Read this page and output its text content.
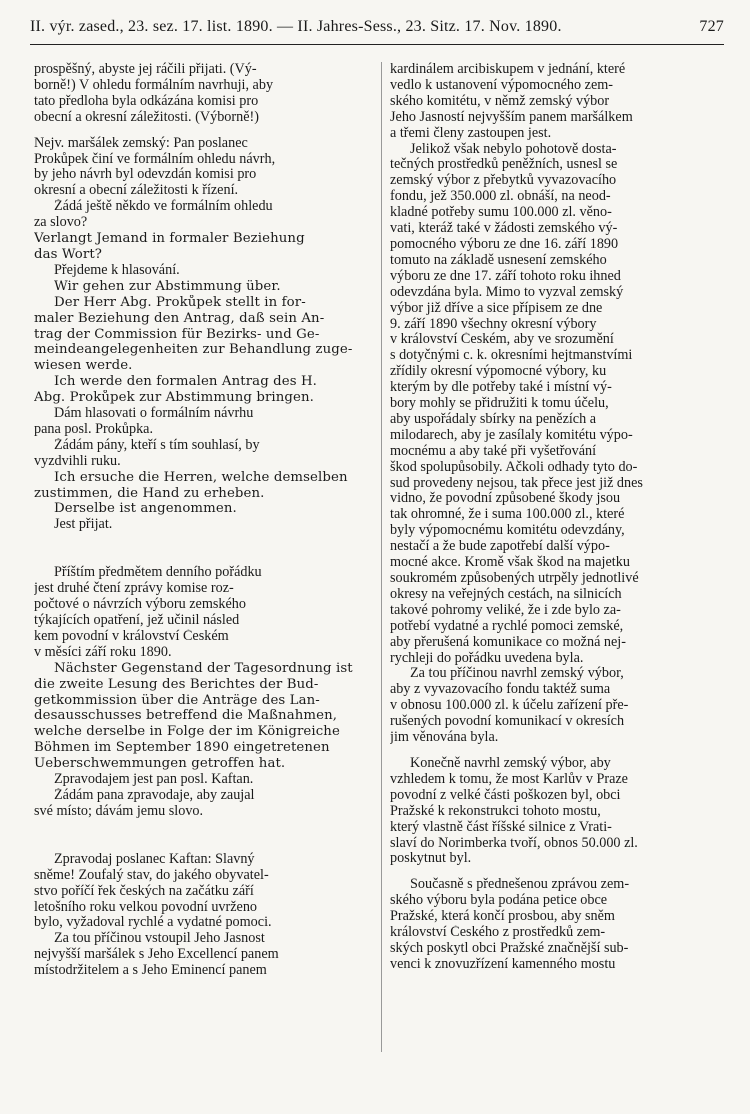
II. výr. zased., 23. sez. 17. list. 1890. — II. Jahres-Sess., 23. Sitz. 17. Nov. 1890.	727
prospěšný, abyste jej ráčili přijati. (Vý-
borně!) V ohledu formálním navrhuji, aby
tato předloha byla odkázána komisi pro
obecní a okresní záležitosti. (Výborně!)

Nejv. maršálek zemský: Pan poslanec
Prokůpek činí ve formálním ohledu návrh,
by jeho návrh byl odevzdán komisi pro
okresní a obecní záležitosti k řízení.
Žádá ještě někdo ve formálním ohledu
za slovo?
Verlangt Jemand in formaler Beziehung
das Wort?
Přejdeme k hlasování.
Wir gehen zur Abstimmung über.
Der Herr Abg. Prokůpek stellt in for-
maler Beziehung den Antrag, daß sein An-
trag der Commission für Bezirks- und Ge-
meindeangelegenheiten zur Behandlung zuge-
wiesen werde.
Ich werde den formalen Antrag des H.
Abg. Prokůpek zur Abstimmung bringen.
Dám hlasovati o formálním návrhu
pana posl. Prokůpka.
Žádám pány, kteří s tím souhlasí, by
vyzdvihli ruku.
Ich ersuche die Herren, welche demselben
zustimmen, die Hand zu erheben.
Derselbe ist angenommen.
Jest přijat.

Příštím předmětem denního pořádku
jest druhé čtení zprávy komise roz-
počtové o návrzích výboru zemského
týkajících opatření, jež učinil násled
kem povodní v království Českém
v měsíci září roku 1890.
Nächster Gegenstand der Tagesordnung ist
die zweite Lesung des Berichtes der Bud-
getkommission über die Anträge des Lan-
desausschusses betreffend die Maßnahmen,
welche derselbe in Folge der im Königreiche
Böhmen im September 1890 eingetretenen
Ueberschwemmungen getroffen hat.
Zpravodajem jest pan posl. Kaftan.
Žádám pana zpravodaje, aby zaujal
své místo; dávám jemu slovo.

Zpravodaj poslanec Kaftan: Slavný
sněme! Zoufalý stav, do jakého obyvatel-
stvo poříčí řek českých na začátku září
letošního roku velkou povodní uvrženo
bylo, vyžadoval rychlé a vydatné pomoci.
Za tou příčinou vstoupil Jeho Jasnost
nejvyšší maršálek s Jeho Excellencí panem
místodržitelem a s Jeho Eminencí panem
kardinálem arcibiskupem v jednání, které
vedlo k ustanovení výpomocného zem-
ského komitétu, v němž zemský výbor
Jeho Jasností nejvyšším panem maršálkem
a třemi členy zastoupen jest.
Jelikož však nebylo pohotově dosta-
tečných prostředků peněžních, usnesl se
zemský výbor z přebytků vyvazovacího
fondu, jež 350.000 zl. obnáší, na neod-
kladné potřeby sumu 100.000 zl. věno-
vati, kteráž také v žádosti zemského vý-
pomocného výboru ze dne 16. září 1890
tomuto na základě usnesení zemského
výboru ze dne 17. září tohoto roku ihned
odevzdána byla. Mimo to vyzval zemský
výbor již dříve a sice přípisem ze dne
9. září 1890 všechny okresní výbory
v království Českém, aby ve srozumění
s dotyčnými c. k. okresními hejtmanstvími
zřídily okresní výpomocné výbory, ku
kterým by dle potřeby také i místní vý-
bory mohly se přidružiti k tomu účelu,
aby uspořádaly sbírky na penězích a
milodarech, aby je zasílaly komitétu výpo-
mocnému a aby také při vyšetřování
škod spolupůsobily. Ačkoli odhady tyto do-
sud provedeny nejsou, tak přece jest již dnes
vidno, že povodní způsobené škody jsou
tak ohromné, že i suma 100.000 zl., které
byly výpomocnému komitétu odevzdány,
nestačí a že bude zapotřebí další výpo-
mocné akce. Kromě však škod na majetku
soukromém způsobených utrpěly jednotlivé
okresy na veřejných cestách, na silnicích
takové pohromy veliké, že i zde bylo za-
potřebí vydatné a rychlé pomoci zemské,
aby přerušená komunikace co možná nej-
rychleji do pořádku uvedena byla.
Za tou příčinou navrhl zemský výbor,
aby z vyvazovacího fondu taktéž suma
v obnosu 100.000 zl. k účelu zařízení pře-
rušených povodní komunikací v okresích
jim věnována byla.

Konečně navrhl zemský výbor, aby
vzhledem k tomu, že most Karlův v Praze
povodní z velké části poškozen byl, obci
Pražské k rekonstrukci tohoto mostu,
který vlastně část říšské silnice z Vrati-
slaví do Norimberka tvoří, obnos 50.000 zl.
poskytnut byl.

Současně s přednešenou zprávou zem-
ského výboru byla podána petice obce
Pražské, která končí prosbou, aby sněm
království Českého z prostředků zem-
ských poskytl obci Pražské značnější sub-
venci k znovuzřízení kamenného mostu
